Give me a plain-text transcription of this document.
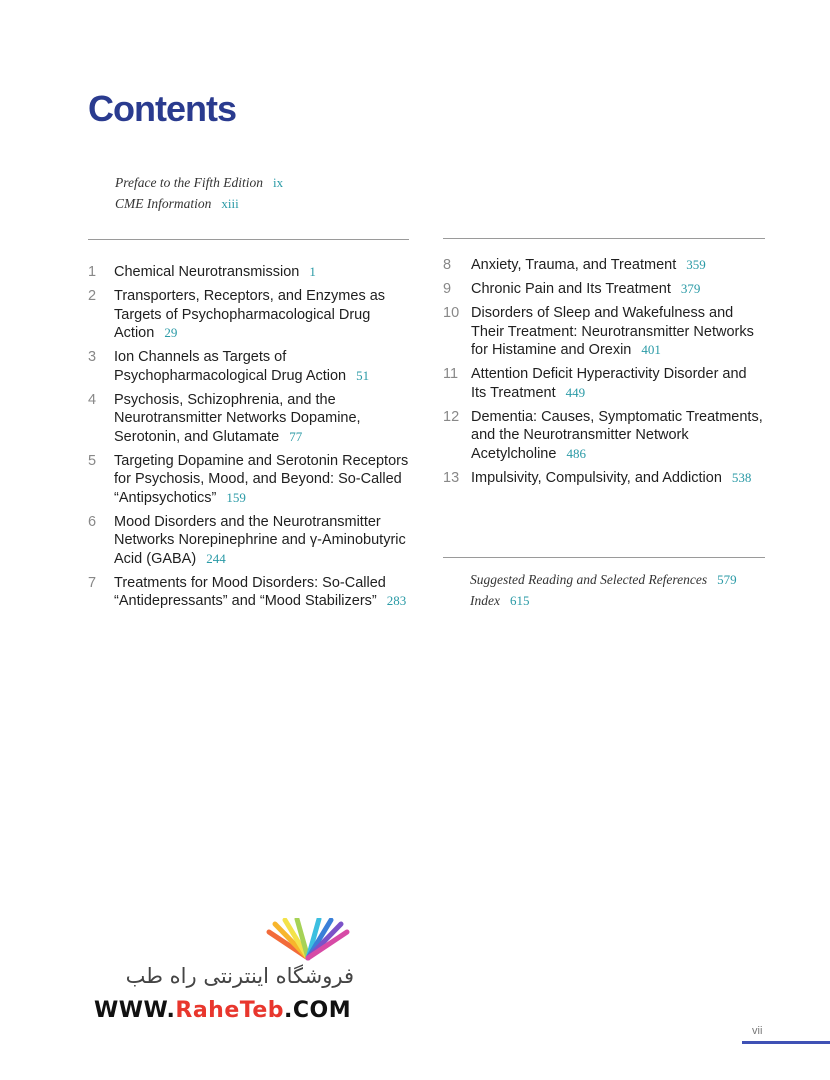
Contents
Preface to the Fifth Edition ix
CME Information xiii
1	Chemical Neurotransmission 1
2	Transporters, Receptors, and Enzymes as Targets of Psychopharmacological Drug Action 29
3	Ion Channels as Targets of Psychopharmacological Drug Action 51
4	Psychosis, Schizophrenia, and the Neurotransmitter Networks Dopamine, Serotonin, and Glutamate 77
5	Targeting Dopamine and Serotonin Receptors for Psychosis, Mood, and Beyond: So-Called “Antipsychotics” 159
6	Mood Disorders and the Neurotransmitter Networks Norepinephrine and γ-Aminobutyric Acid (GABA) 244
7	Treatments for Mood Disorders: So-Called “Antidepressants” and “Mood Stabilizers” 283
8	Anxiety, Trauma, and Treatment 359
9	Chronic Pain and Its Treatment 379
10 Disorders of Sleep and Wakefulness and Their Treatment: Neurotransmitter Networks for Histamine and Orexin 401
11 Attention Deficit Hyperactivity Disorder and Its Treatment 449
12 Dementia: Causes, Symptomatic Treatments, and the Neurotransmitter Network Acetylcholine 486
13 Impulsivity, Compulsivity, and Addiction 538
Suggested Reading and Selected References 579
Index 615
فروشگاه اینترنتی راه طب
WWW.RaheTeb.COM
vii
